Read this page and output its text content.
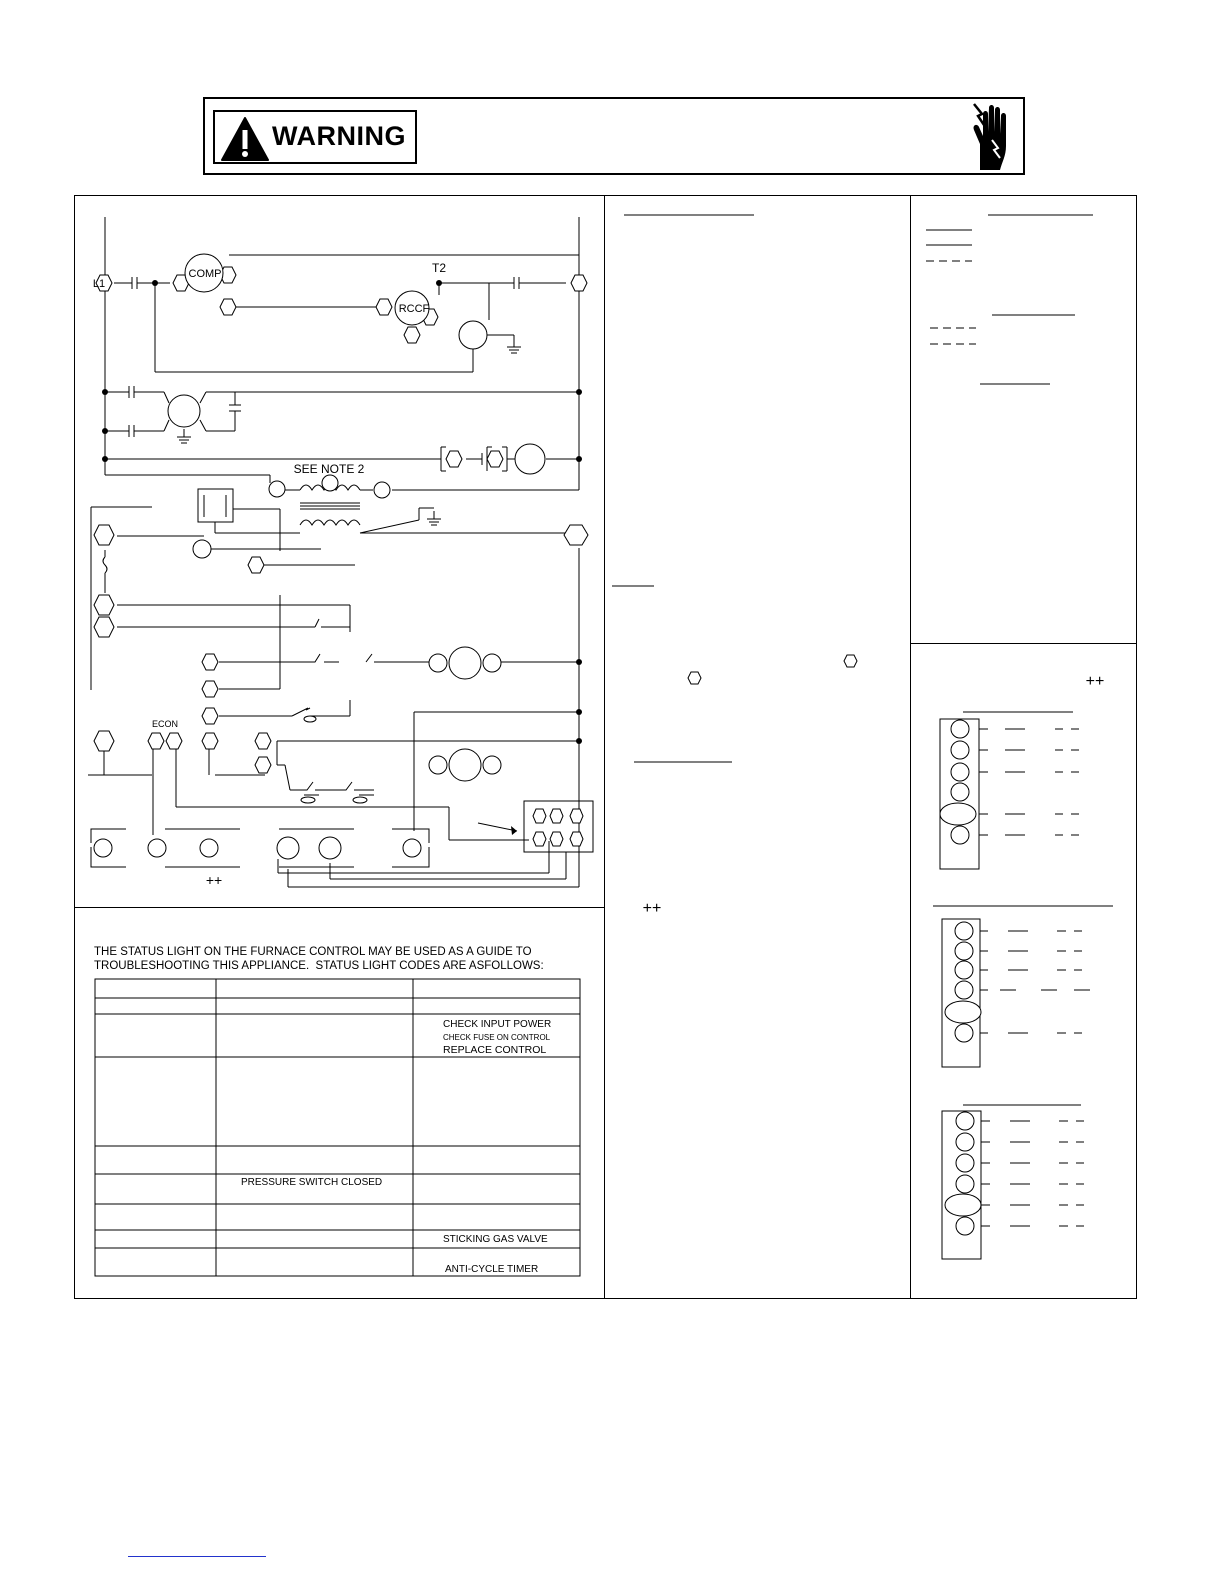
WARNING
L1
T2
COMP
RCCF
SEE NOTE 2
ECON
++
THE STATUS LIGHT ON THE FURNACE CONTROL MAY BE USED AS A GUIDE TO
TROUBLESHOOTING THIS APPLIANCE.  STATUS LIGHT CODES ARE ASFOLLOWS:
CHECK INPUT POWER
CHECK FUSE ON CONTROL
REPLACE CONTROL
PRESSURE SWITCH CLOSED
STICKING GAS VALVE
ANTI-CYCLE TIMER
++
++
